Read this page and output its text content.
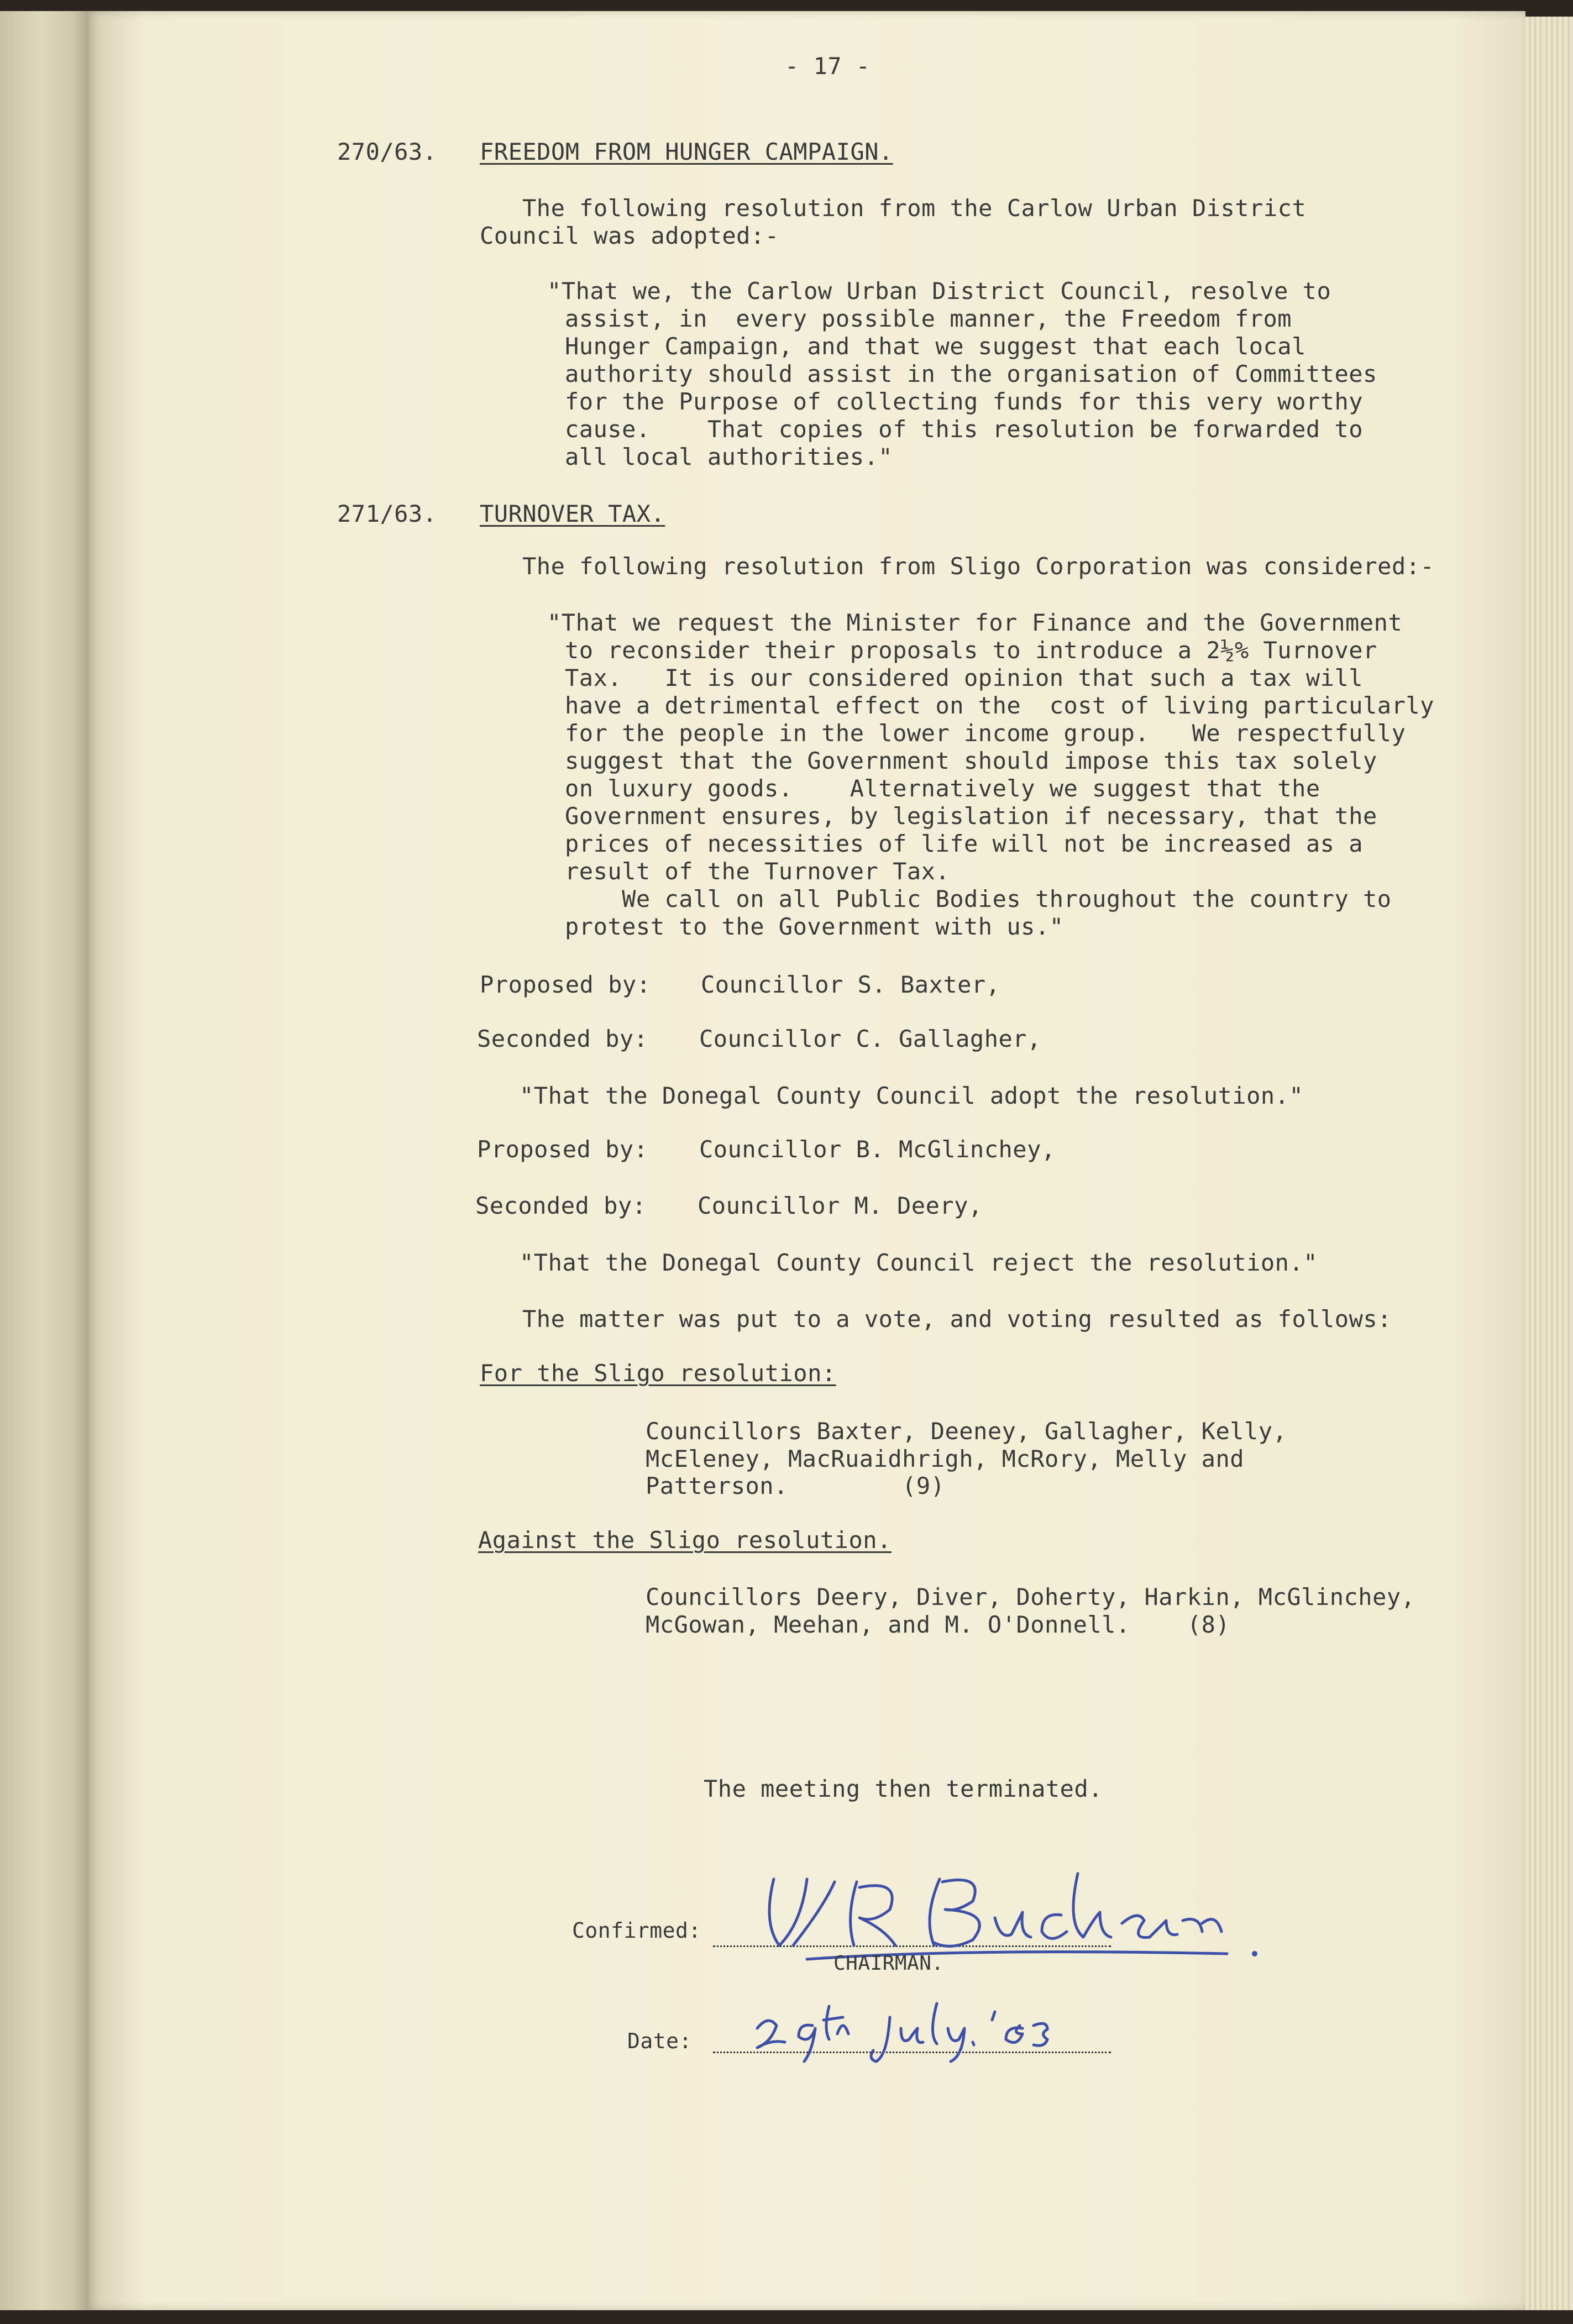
- 17 -
270/63. FREEDOM FROM HUNGER CAMPAIGN.
The following resolution from the Carlow Urban District
Council was adopted:-
"That we, the Carlow Urban District Council, resolve to
assist, in  every possible manner, the Freedom from
Hunger Campaign, and that we suggest that each local
authority should assist in the organisation of Committees
for the Purpose of collecting funds for this very worthy
cause.    That copies of this resolution be forwarded to
all local authorities."
271/63. TURNOVER TAX.
The following resolution from Sligo Corporation was considered:-
"That we request the Minister for Finance and the Government
to reconsider their proposals to introduce a 2½% Turnover
Tax.   It is our considered opinion that such a tax will
have a detrimental effect on the  cost of living particularly
for the people in the lower income group.   We respectfully
suggest that the Government should impose this tax solely
on luxury goods.    Alternatively we suggest that the
Government ensures, by legislation if necessary, that the
prices of necessities of life will not be increased as a
result of the Turnover Tax.
We call on all Public Bodies throughout the country to
protest to the Government with us."
Proposed by: Councillor S. Baxter,
Seconded by: Councillor C. Gallagher,
"That the Donegal County Council adopt the resolution."
Proposed by: Councillor B. McGlinchey,
Seconded by: Councillor M. Deery,
"That the Donegal County Council reject the resolution."
The matter was put to a vote, and voting resulted as follows:
For the Sligo resolution:
Councillors Baxter, Deeney, Gallagher, Kelly,
McEleney, MacRuaidhrigh, McRory, Melly and
Patterson.        (9)
Against the Sligo resolution.
Councillors Deery, Diver, Doherty, Harkin, McGlinchey,
McGowan, Meehan, and M. O'Donnell.    (8)
The meeting then terminated.
Confirmed:
CHAIRMAN.
Date:
